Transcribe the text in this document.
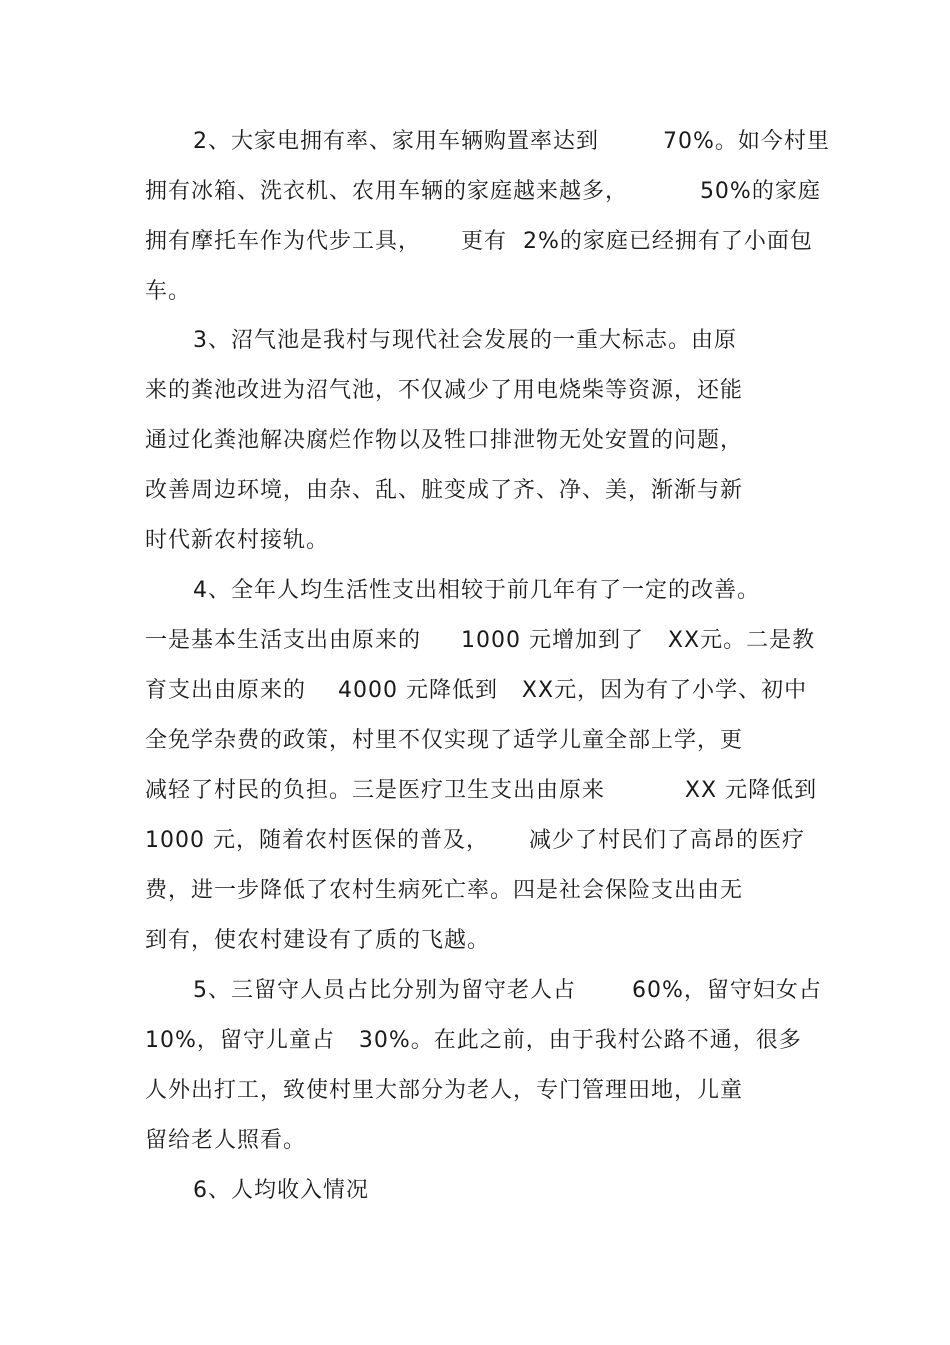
2、大家电拥有率、家用车辆购置率达到        70%。如今村里
拥有冰箱、洗衣机、农用车辆的家庭越来越多，         50%的家庭
拥有摩托车作为代步工具，     更有  2%的家庭已经拥有了小面包
车。
3、沼气池是我村与现代社会发展的一重大标志。由原
来的粪池改进为沼气池，不仅减少了用电烧柴等资源，还能
通过化粪池解决腐烂作物以及牲口排泄物无处安置的问题，
改善周边环境，由杂、乱、脏变成了齐、净、美，渐渐与新
时代新农村接轨。
4、全年人均生活性支出相较于前几年有了一定的改善。
一是基本生活支出由原来的     1000 元增加到了   XX元。二是教
育支出由原来的    4000 元降低到   XX元，因为有了小学、初中
全免学杂费的政策，村里不仅实现了适学儿童全部上学，更
减轻了村民的负担。三是医疗卫生支出由原来          XX 元降低到
1000 元，随着农村医保的普及，     减少了村民们了高昂的医疗
费，进一步降低了农村生病死亡率。四是社会保险支出由无
到有，使农村建设有了质的飞越。
5、三留守人员占比分别为留守老人占       60%，留守妇女占
10%，留守儿童占   30%。在此之前，由于我村公路不通，很多
人外出打工，致使村里大部分为老人，专门管理田地，儿童
留给老人照看。
6、人均收入情况
